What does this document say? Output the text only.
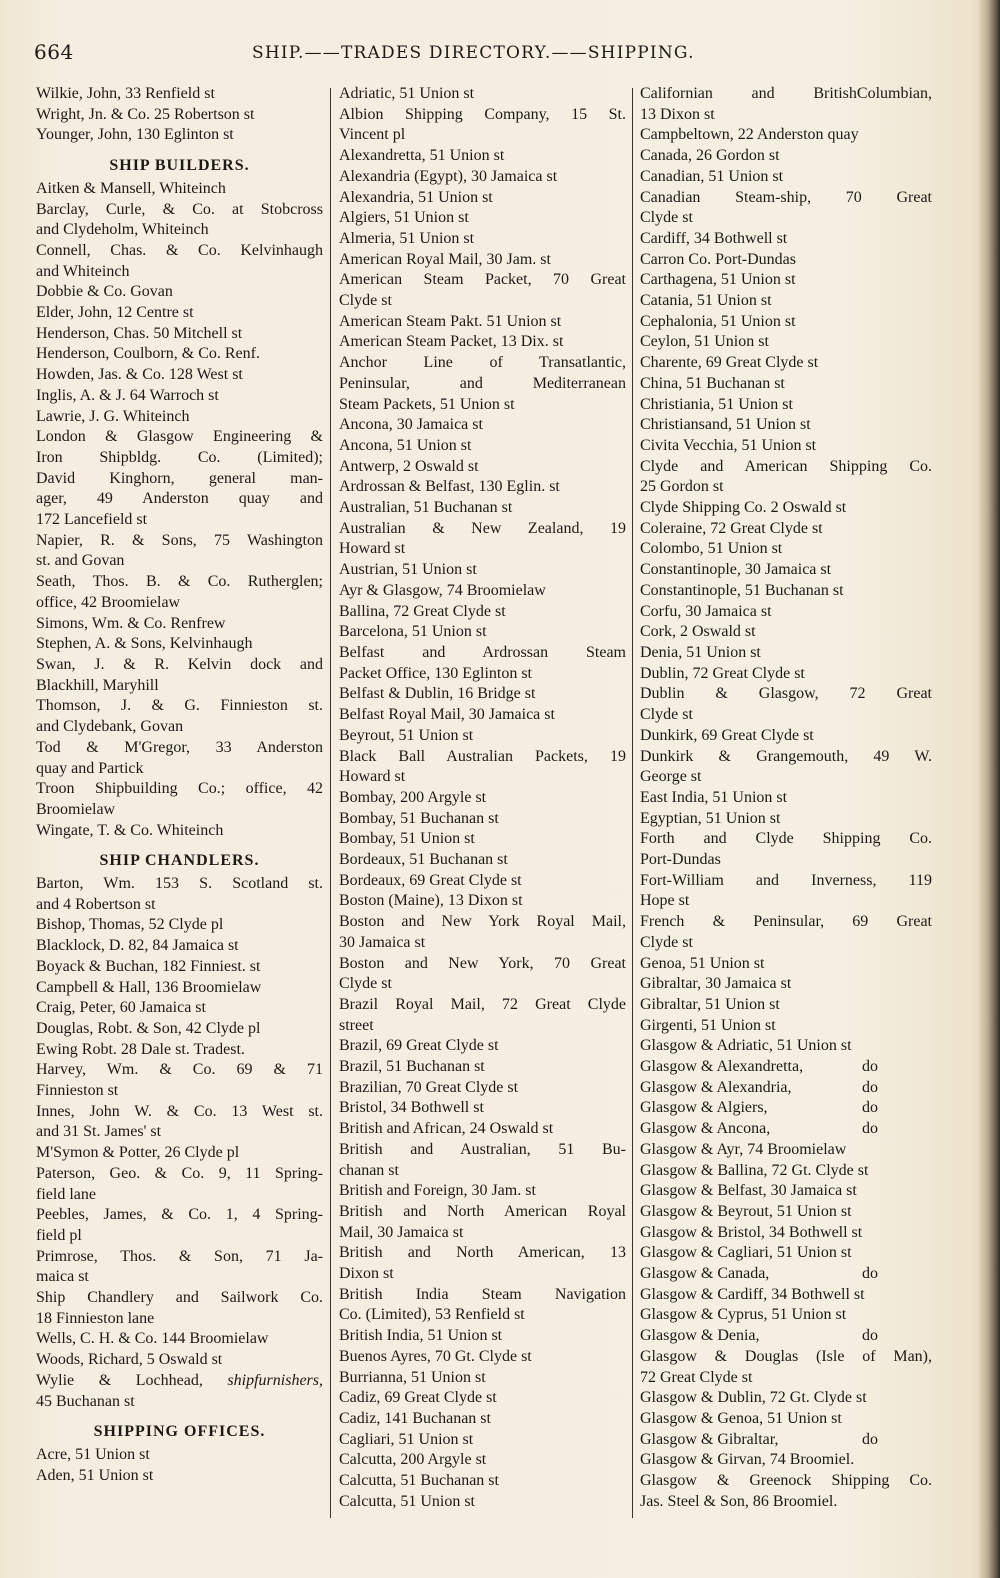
664	SHIP.——TRADES DIRECTORY.——SHIPPING.
Wilkie, John, 33 Renfield st
Wright, Jn. & Co. 25 Robertson st
Younger, John, 130 Eglinton st
SHIP BUILDERS.
Aitken & Mansell, Whiteinch
Barclay, Curle, & Co. at Stobcross
and Clydeholm, Whiteinch
Connell, Chas. & Co. Kelvinhaugh
and Whiteinch
Dobbie & Co. Govan
Elder, John, 12 Centre st
Henderson, Chas. 50 Mitchell st
Henderson, Coulborn, & Co. Renf.
Howden, Jas. & Co. 128 West st
Inglis, A. & J. 64 Warroch st
Lawrie, J. G. Whiteinch
London & Glasgow Engineering &
Iron Shipbldg. Co. (Limited);
David Kinghorn, general man-
ager, 49 Anderston quay and
172 Lancefield st
Napier, R. & Sons, 75 Washington
st. and Govan
Seath, Thos. B. & Co. Rutherglen;
office, 42 Broomielaw
Simons, Wm. & Co. Renfrew
Stephen, A. & Sons, Kelvinhaugh
Swan, J. & R. Kelvin dock and
Blackhill, Maryhill
Thomson, J. & G. Finnieston st.
and Clydebank, Govan
Tod & M'Gregor, 33 Anderston
quay and Partick
Troon Shipbuilding Co.; office, 42
Broomielaw
Wingate, T. & Co. Whiteinch
SHIP CHANDLERS.
Barton, Wm. 153 S. Scotland st.
and 4 Robertson st
Bishop, Thomas, 52 Clyde pl
Blacklock, D. 82, 84 Jamaica st
Boyack & Buchan, 182 Finniest. st
Campbell & Hall, 136 Broomielaw
Craig, Peter, 60 Jamaica st
Douglas, Robt. & Son, 42 Clyde pl
Ewing Robt. 28 Dale st. Tradest.
Harvey, Wm. & Co. 69 & 71
Finnieston st
Innes, John W. & Co. 13 West st.
and 31 St. James' st
M'Symon & Potter, 26 Clyde pl
Paterson, Geo. & Co. 9, 11 Spring-
field lane
Peebles, James, & Co. 1, 4 Spring-
field pl
Primrose, Thos. & Son, 71 Ja-
maica st
Ship Chandlery and Sailwork Co.
18 Finnieston lane
Wells, C. H. & Co. 144 Broomielaw
Woods, Richard, 5 Oswald st
Wylie & Lochhead, shipfurnishers,
45 Buchanan st
SHIPPING OFFICES.
Acre, 51 Union st
Aden, 51 Union st
Adriatic, 51 Union st
Albion Shipping Company, 15 St.
Vincent pl
Alexandretta, 51 Union st
Alexandria (Egypt), 30 Jamaica st
Alexandria, 51 Union st
Algiers, 51 Union st
Almeria, 51 Union st
American Royal Mail, 30 Jam. st
American Steam Packet, 70 Great
Clyde st
American Steam Pakt. 51 Union st
American Steam Packet, 13 Dix. st
Anchor Line of Transatlantic,
Peninsular, and Mediterranean
Steam Packets, 51 Union st
Ancona, 30 Jamaica st
Ancona, 51 Union st
Antwerp, 2 Oswald st
Ardrossan & Belfast, 130 Eglin. st
Australian, 51 Buchanan st
Australian & New Zealand, 19
Howard st
Austrian, 51 Union st
Ayr & Glasgow, 74 Broomielaw
Ballina, 72 Great Clyde st
Barcelona, 51 Union st
Belfast and Ardrossan Steam
Packet Office, 130 Eglinton st
Belfast & Dublin, 16 Bridge st
Belfast Royal Mail, 30 Jamaica st
Beyrout, 51 Union st
Black Ball Australian Packets, 19
Howard st
Bombay, 200 Argyle st
Bombay, 51 Buchanan st
Bombay, 51 Union st
Bordeaux, 51 Buchanan st
Bordeaux, 69 Great Clyde st
Boston (Maine), 13 Dixon st
Boston and New York Royal Mail,
30 Jamaica st
Boston and New York, 70 Great
Clyde st
Brazil Royal Mail, 72 Great Clyde
street
Brazil, 69 Great Clyde st
Brazil, 51 Buchanan st
Brazilian, 70 Great Clyde st
Bristol, 34 Bothwell st
British and African, 24 Oswald st
British and Australian, 51 Bu-
chanan st
British and Foreign, 30 Jam. st
British and North American Royal
Mail, 30 Jamaica st
British and North American, 13
Dixon st
British India Steam Navigation
Co. (Limited), 53 Renfield st
British India, 51 Union st
Buenos Ayres, 70 Gt. Clyde st
Burrianna, 51 Union st
Cadiz, 69 Great Clyde st
Cadiz, 141 Buchanan st
Cagliari, 51 Union st
Calcutta, 200 Argyle st
Calcutta, 51 Buchanan st
Calcutta, 51 Union st
Californian and BritishColumbian,
13 Dixon st
Campbeltown, 22 Anderston quay
Canada, 26 Gordon st
Canadian, 51 Union st
Canadian Steam-ship, 70 Great
Clyde st
Cardiff, 34 Bothwell st
Carron Co. Port-Dundas
Carthagena, 51 Union st
Catania, 51 Union st
Cephalonia, 51 Union st
Ceylon, 51 Union st
Charente, 69 Great Clyde st
China, 51 Buchanan st
Christiania, 51 Union st
Christiansand, 51 Union st
Civita Vecchia, 51 Union st
Clyde and American Shipping Co.
25 Gordon st
Clyde Shipping Co. 2 Oswald st
Coleraine, 72 Great Clyde st
Colombo, 51 Union st
Constantinople, 30 Jamaica st
Constantinople, 51 Buchanan st
Corfu, 30 Jamaica st
Cork, 2 Oswald st
Denia, 51 Union st
Dublin, 72 Great Clyde st
Dublin & Glasgow, 72 Great
Clyde st
Dunkirk, 69 Great Clyde st
Dunkirk & Grangemouth, 49 W.
George st
East India, 51 Union st
Egyptian, 51 Union st
Forth and Clyde Shipping Co.
Port-Dundas
Fort-William and Inverness, 119
Hope st
French & Peninsular, 69 Great
Clyde st
Genoa, 51 Union st
Gibraltar, 30 Jamaica st
Gibraltar, 51 Union st
Girgenti, 51 Union st
Glasgow & Adriatic, 51 Union st
Glasgow & Alexandretta,	do
Glasgow & Alexandria,	do
Glasgow & Algiers,	do
Glasgow & Ancona,	do
Glasgow & Ayr, 74 Broomielaw
Glasgow & Ballina, 72 Gt. Clyde st
Glasgow & Belfast, 30 Jamaica st
Glasgow & Beyrout, 51 Union st
Glasgow & Bristol, 34 Bothwell st
Glasgow & Cagliari, 51 Union st
Glasgow & Canada,	do
Glasgow & Cardiff, 34 Bothwell st
Glasgow & Cyprus, 51 Union st
Glasgow & Denia,	do
Glasgow & Douglas (Isle of Man),
72 Great Clyde st
Glasgow & Dublin, 72 Gt. Clyde st
Glasgow & Genoa, 51 Union st
Glasgow & Gibraltar,	do
Glasgow & Girvan, 74 Broomiel.
Glasgow & Greenock Shipping Co.
Jas. Steel & Son, 86 Broomiel.
